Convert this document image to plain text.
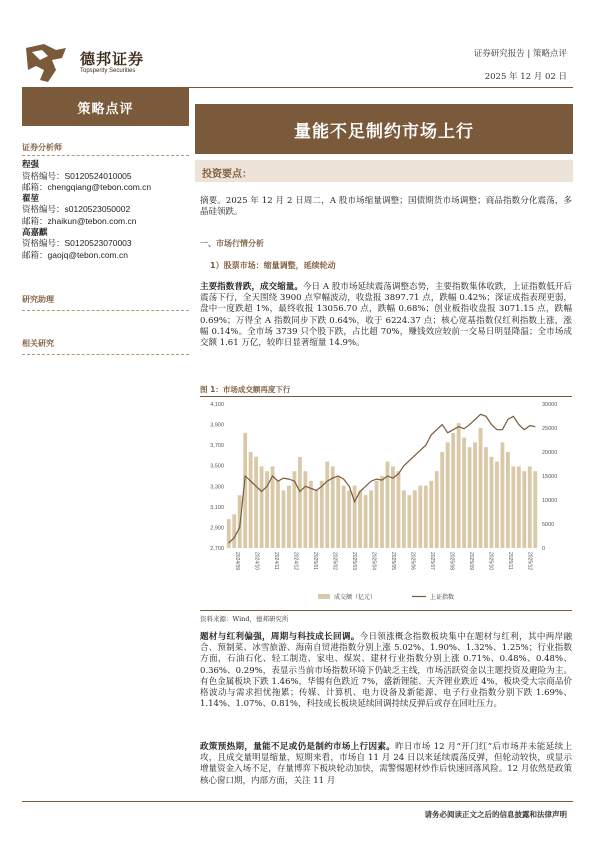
德邦证券
Topsperity Securities
证券研究报告 | 策略点评
2025 年 12 月 02 日
策略点评
证券分析师
程强
资格编号：S0120524010005
邮箱：chengqiang@tebon.com.cn
翟堃
资格编号：s0120523050002
邮箱：zhaikun@tebon.com.cn
高嘉麒
资格编号：S0120523070003
邮箱：gaojq@tebon.com.cn
研究助理
相关研究
量能不足制约市场上行
投资要点：
摘要。2025 年 12 月 2 日周二，A 股市场缩量调整；国债期货市场调整；商品指数分化震荡，多晶硅领跌。
一、市场行情分析
1）股票市场：缩量调整，延续轮动
主要指数普跌，成交缩量。今日 A 股市场延续震荡调整态势，主要指数集体收跌，上证指数低开后震荡下行，全天围绕 3900 点窄幅波动，收盘报 3897.71 点，跌幅 0.42%；深证成指表现更弱，盘中一度跌超 1%，最终收报 13056.70 点，跌幅 0.68%；创业板指收盘报 3071.15 点，跌幅 0.69%；万得全 A 指数同步下跌 0.64%，收于 6224.37 点；核心宽基指数仅红利指数上涨，涨幅 0.14%。全市场 3739 只个股下跌，占比超 70%，赚钱效应较前一交易日明显降温；全市场成交额 1.61 万亿，较昨日显著缩量 14.9%。
图 1：市场成交额再度下行
4,100
3,900
3,700
3,500
3,300
3,100
2,900
2,700
30000
25000
20000
15000
10000
5000
0
2024/09	2024/10	2024/11	2024/12	2025/01	2025/02	2025/03	2025/04	2025/05	2025/06	2025/07	2025/08	2025/09	2025/10	2025/11	2025/12
成交额（亿元）	上证指数
资料来源：Wind，德邦研究所
题材与红利偏强，周期与科技成长回调。今日领涨概念指数板块集中在题材与红利，其中两岸融合、预制菜、冰雪旅游、海南自贸港指数分别上涨 5.02%、1.90%、1.32%、1.25%；行业指数方面，石油石化、轻工制造、家电、煤炭、建材行业指数分别上涨 0.71%、0.48%、0.48%、0.36%、0.29%，表显示当前市场指数环境下仍缺乏主线，市场活跃资金以主题投资及避险为主。有色金属板块下跌 1.46%，华锡有色跌近 7%，盛新锂能、天齐锂业跌近 4%，板块受大宗商品价格波动与需求担忧拖累；传媒、计算机、电力设备及新能源、电子行业指数分别下跌 1.69%、1.14%、1.07%、0.81%，科技成长板块延续回调持续反弹后或存在回吐压力。
政策预热期，量能不足或仍是制约市场上行因素。昨日市场 12 月“开门红”后市场并未能延续上攻，且成交量明显缩量，短期来看，市场自 11 月 24 日以来延续震荡反弹，但轮动较快，或显示增量资金入场不足，存量博弈下板块轮动加快，需警惕题材炒作后快速回落风险。12 月依然是政策核心窗口期，内部方面，关注 11 月
请务必阅读正文之后的信息披露和法律声明
